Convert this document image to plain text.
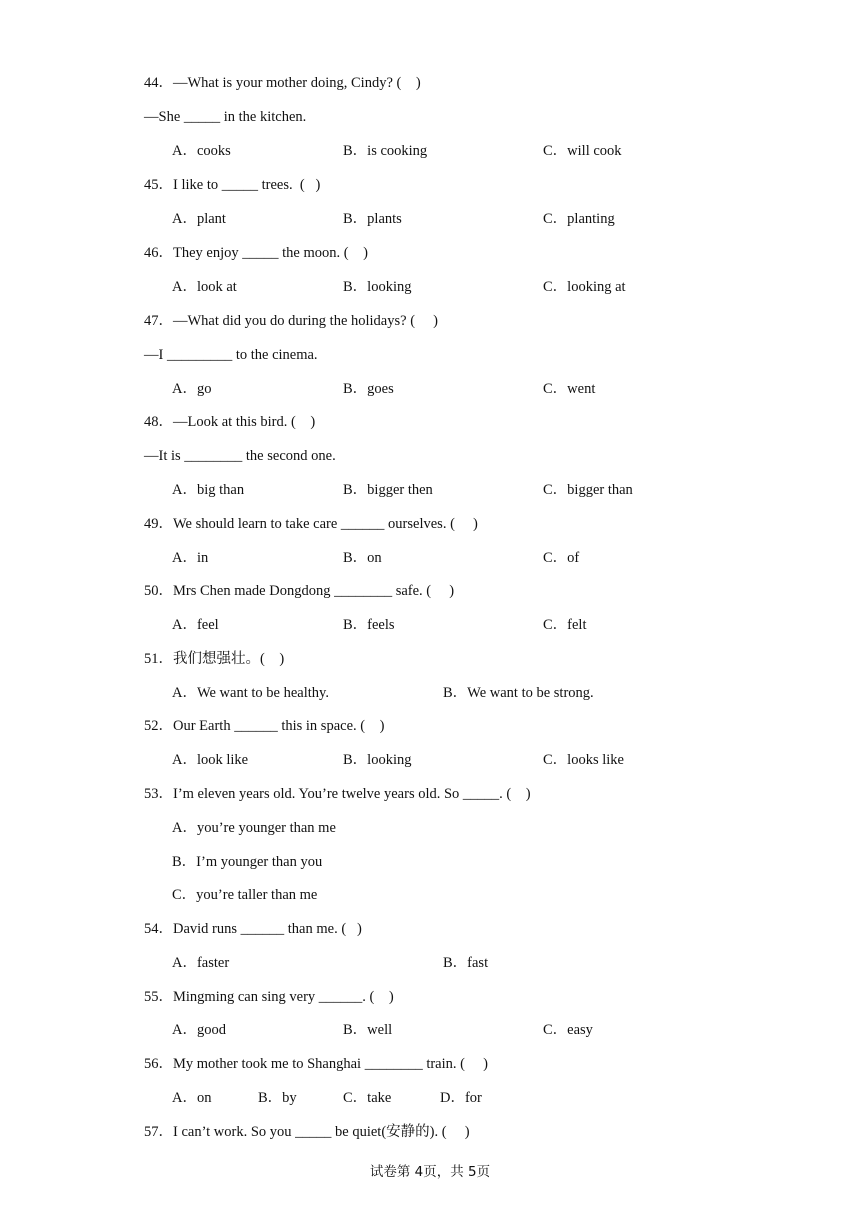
44．—What is your mother doing, Cindy? (    )
—She _____ in the kitchen.
A．cooks	B．is cooking	C．will cook
45．I like to _____ trees.  (   )
A．plant	B．plants	C．planting
46．They enjoy _____ the moon. (    )
A．look at	B．looking	C．looking at
47．—What did you do during the holidays? (     )
—I _________ to the cinema.
A．go	B．goes	C．went
48．—Look at this bird. (    )
—It is ________ the second one.
A．big than	B．bigger then	C．bigger than
49．We should learn to take care ______ ourselves. (     )
A．in	B．on	C．of
50．Mrs Chen made Dongdong ________ safe. (     )
A．feel	B．feels	C．felt
51．我们想强壮。(    )
A．We want to be healthy.	B．We want to be strong.
52．Our Earth ______ this in space. (    )
A．look like	B．looking	C．looks like
53．I’m eleven years old. You’re twelve years old. So _____. (    )
A．you’re younger than me
B．I’m younger than you
C．you’re taller than me
54．David runs ______ than me. (   )
A．faster	B．fast
55．Mingming can sing very ______. (    )
A．good	B．well	C．easy
56．My mother took me to Shanghai ________ train. (     )
A．on	B．by	C．take	D．for
57．I can’t work. So you _____ be quiet(安静的). (     )
试卷第 4页，共 5页
